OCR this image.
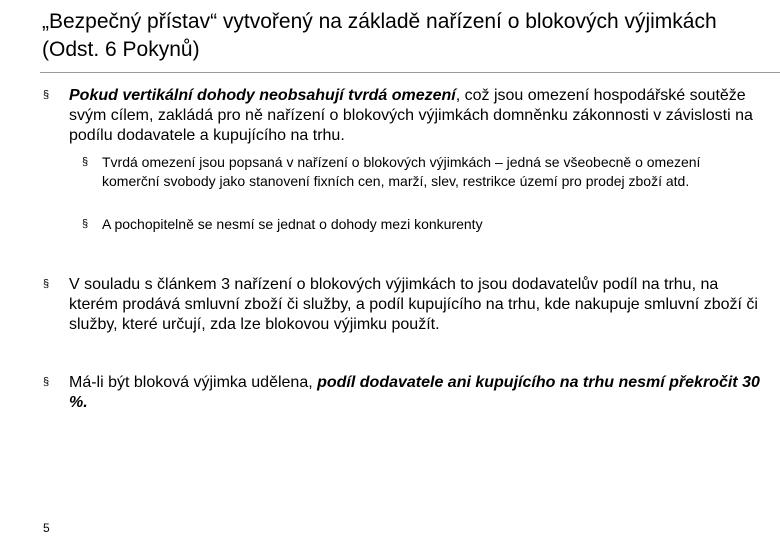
„Bezpečný přístav“ vytvořený na základě nařízení o blokových výjimkách (Odst. 6 Pokynů)
§ Pokud vertikální dohody neobsahují tvrdá omezení, což jsou omezení hospodářské soutěže svým cílem, zakládá pro ně nařízení o blokových výjimkách domněnku zákonnosti v závislosti na podílu dodavatele a kupujícího na trhu.

§ Tvrdá omezení jsou popsaná v nařízení o blokových výjimkách – jedná se všeobecně o omezení komerční svobody jako stanovení fixních cen, marží, slev, restrikce území pro prodej zboží atd.

§ A pochopitelně se nesmí se jednat o dohody mezi konkurenty

§ V souladu s článkem 3 nařízení o blokových výjimkách to jsou dodavatelův podíl na trhu, na kterém prodává smluvní zboží či služby, a podíl kupujícího na trhu, kde nakupuje smluvní zboží či služby, které určují, zda lze blokovou výjimku použít.

§ Má-li být bloková výjimka udělena, podíl dodavatele ani kupujícího na trhu nesmí překročit 30 %.

5
